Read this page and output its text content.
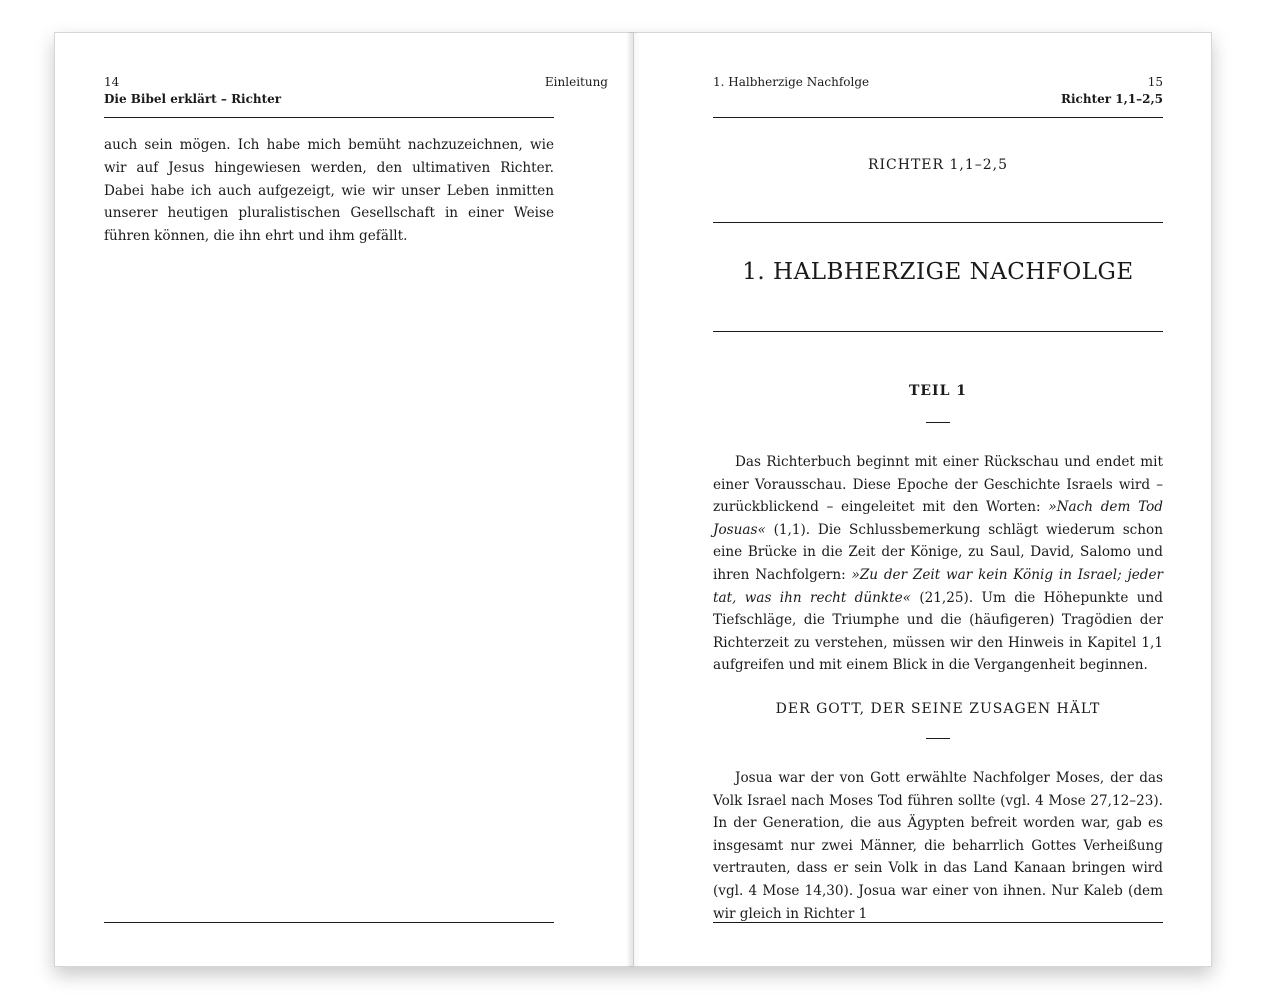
14
Die Bibel erklärt – Richter
Einleitung

auch sein mögen. Ich habe mich bemüht nachzuzeichnen, wie wir auf Jesus hingewiesen werden, den ultimativen Richter. Dabei habe ich auch aufgezeigt, wie wir unser Leben inmitten unserer heutigen pluralistischen Gesellschaft in einer Weise führen können, die ihn ehrt und ihm gefällt.

1. Halbherzige Nachfolge	15
Richter 1,1–2,5
RICHTER 1,1–2,5
1. HALBHERZIGE NACHFOLGE
TEIL 1

Das Richterbuch beginnt mit einer Rückschau und endet mit einer Vorausschau. Diese Epoche der Geschichte Israels wird – zurückblickend – eingeleitet mit den Worten: »Nach dem Tod Josuas« (1,1). Die Schlussbemerkung schlägt wiederum schon eine Brücke in die Zeit der Könige, zu Saul, David, Salomo und ihren Nachfolgern: »Zu der Zeit war kein König in Israel; jeder tat, was ihn recht dünkte« (21,25). Um die Höhepunkte und Tiefschläge, die Triumphe und die (häufigeren) Tragödien der Richterzeit zu verstehen, müssen wir den Hinweis in Kapitel 1,1 aufgreifen und mit einem Blick in die Vergangenheit beginnen.

DER GOTT, DER SEINE ZUSAGEN HÄLT

Josua war der von Gott erwählte Nachfolger Moses, der das Volk Israel nach Moses Tod führen sollte (vgl. 4 Mose 27,12–23). In der Generation, die aus Ägypten befreit worden war, gab es insgesamt nur zwei Männer, die beharrlich Gottes Verheißung vertrauten, dass er sein Volk in das Land Kanaan bringen wird (vgl. 4 Mose 14,30). Josua war einer von ihnen. Nur Kaleb (dem wir gleich in Richter 1
